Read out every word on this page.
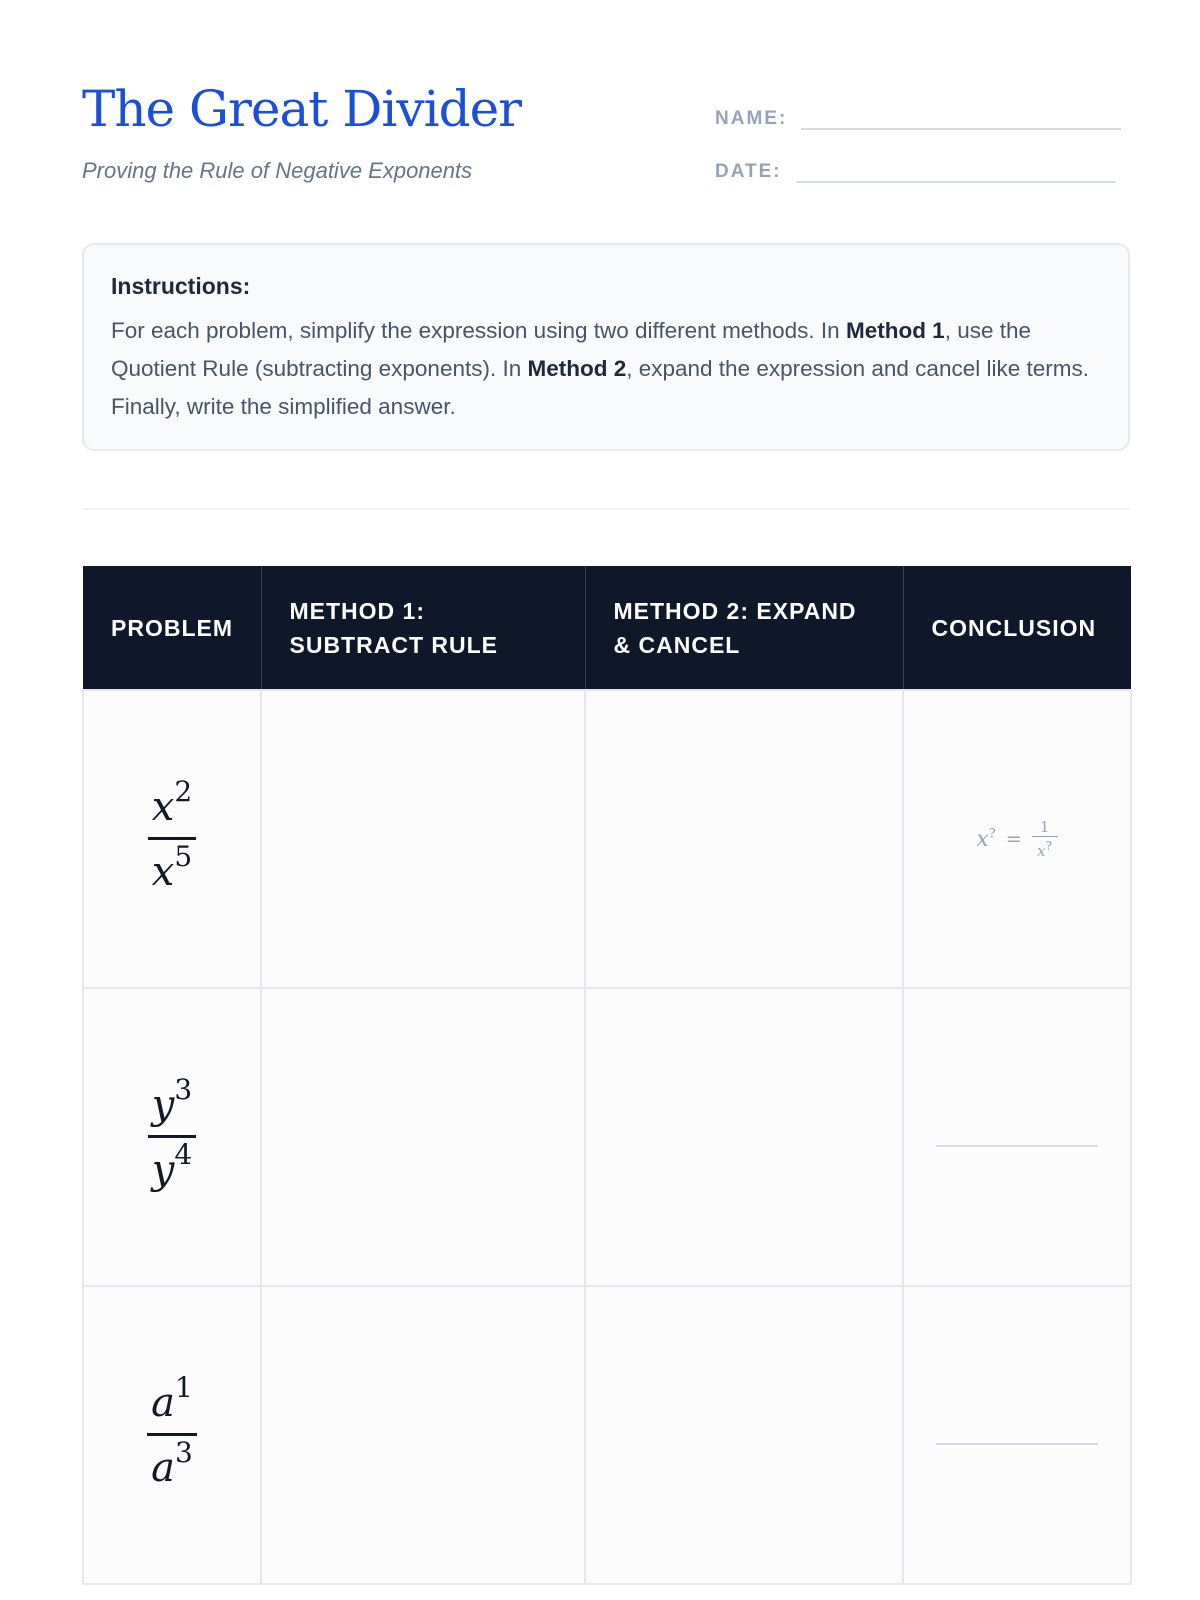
The Great Divider

Proving the Rule of Negative Exponents

NAME:
DATE:

Instructions:

For each problem, simplify the expression using two different methods. In Method 1, use the Quotient Rule (subtracting exponents). In Method 2, expand the expression and cancel like terms. Finally, write the simplified answer.

PROBLEM	METHOD 1: SUBTRACT RULE	METHOD 2: EXPAND & CANCEL	CONCLUSION

$\frac{x^2}{x^5}$			$x^? = \frac{1}{x^?}$

$\frac{y^3}{y^4}$

$\frac{a^1}{a^3}$
